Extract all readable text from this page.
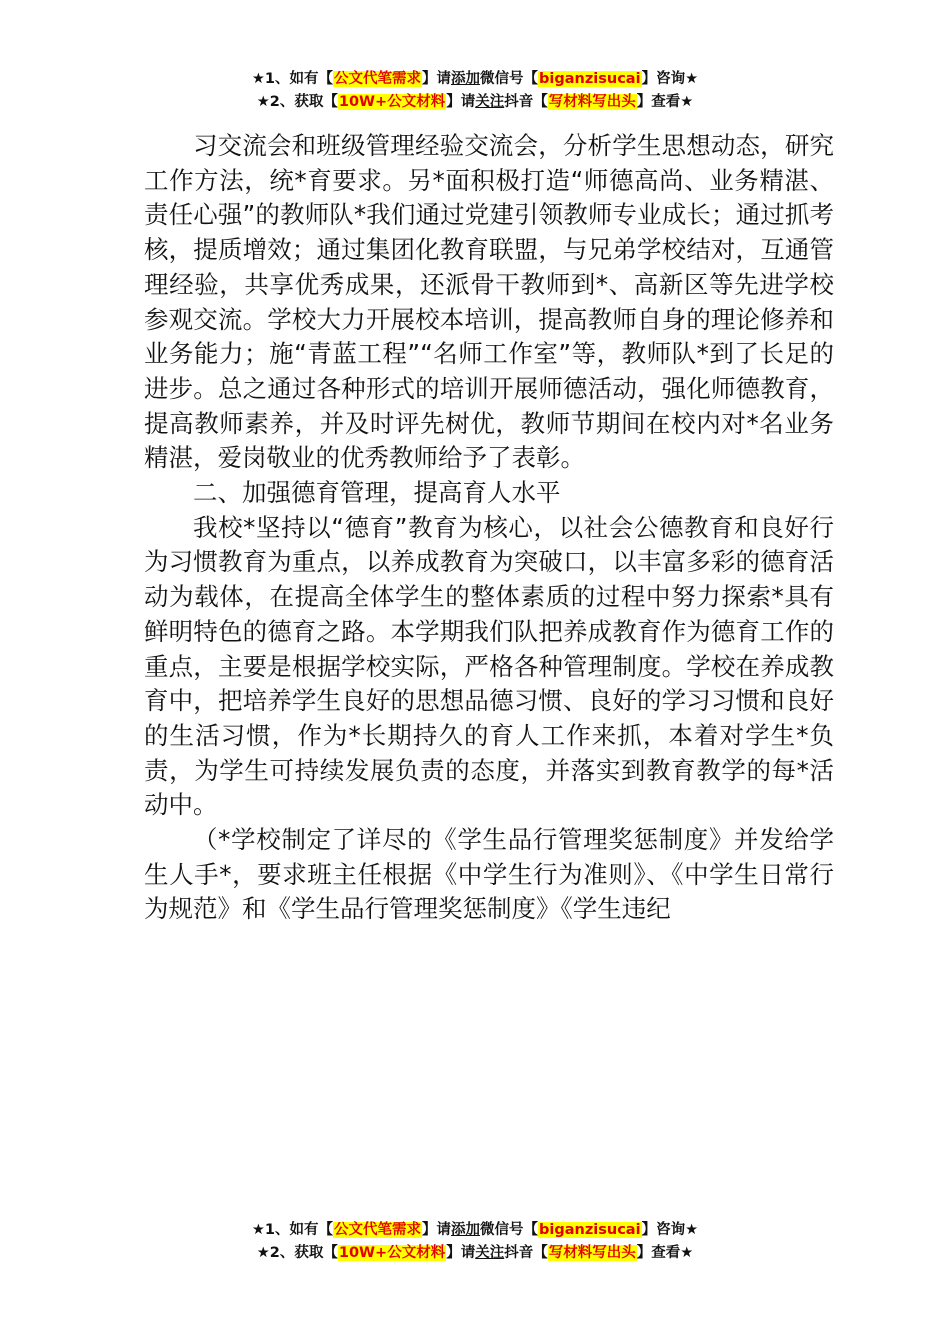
★1、如有【公文代笔需求】请添加微信号【biganzisucai】咨询★
★2、获取【10W+公文材料】请关注抖音【写材料写出头】查看★

习交流会和班级管理经验交流会，分析学生思想动态，研究工作方法，统*育要求。另*面积极打造“师德高尚、业务精湛、责任心强”的教师队*我们通过党建引领教师专业成长；通过抓考核，提质增效；通过集团化教育联盟，与兄弟学校结对，互通管理经验，共享优秀成果，还派骨干教师到*、高新区等先进学校参观交流。学校大力开展校本培训，提高教师自身的理论修养和业务能力；施“青蓝工程”“名师工作室”等，教师队*到了长足的进步。总之通过各种形式的培训开展师德活动，强化师德教育，提高教师素养，并及时评先树优，教师节期间在校内对*名业务精湛，爱岗敬业的优秀教师给予了表彰。

二、加强德育管理，提高育人水平

我校*坚持以“德育”教育为核心，以社会公德教育和良好行为习惯教育为重点，以养成教育为突破口，以丰富多彩的德育活动为载体，在提高全体学生的整体素质的过程中努力探索*具有鲜明特色的德育之路。本学期我们队把养成教育作为德育工作的重点，主要是根据学校实际，严格各种管理制度。学校在养成教育中，把培养学生良好的思想品德习惯、良好的学习习惯和良好的生活习惯，作为*长期持久的育人工作来抓，本着对学生*负责，为学生可持续发展负责的态度，并落实到教育教学的每*活动中。

（*学校制定了详尽的《学生品行管理奖惩制度》并发给学生人手*，要求班主任根据《中学生行为准则》、《中学生日常行为规范》和《学生品行管理奖惩制度》《学生违纪

★1、如有【公文代笔需求】请添加微信号【biganzisucai】咨询★
★2、获取【10W+公文材料】请关注抖音【写材料写出头】查看★
